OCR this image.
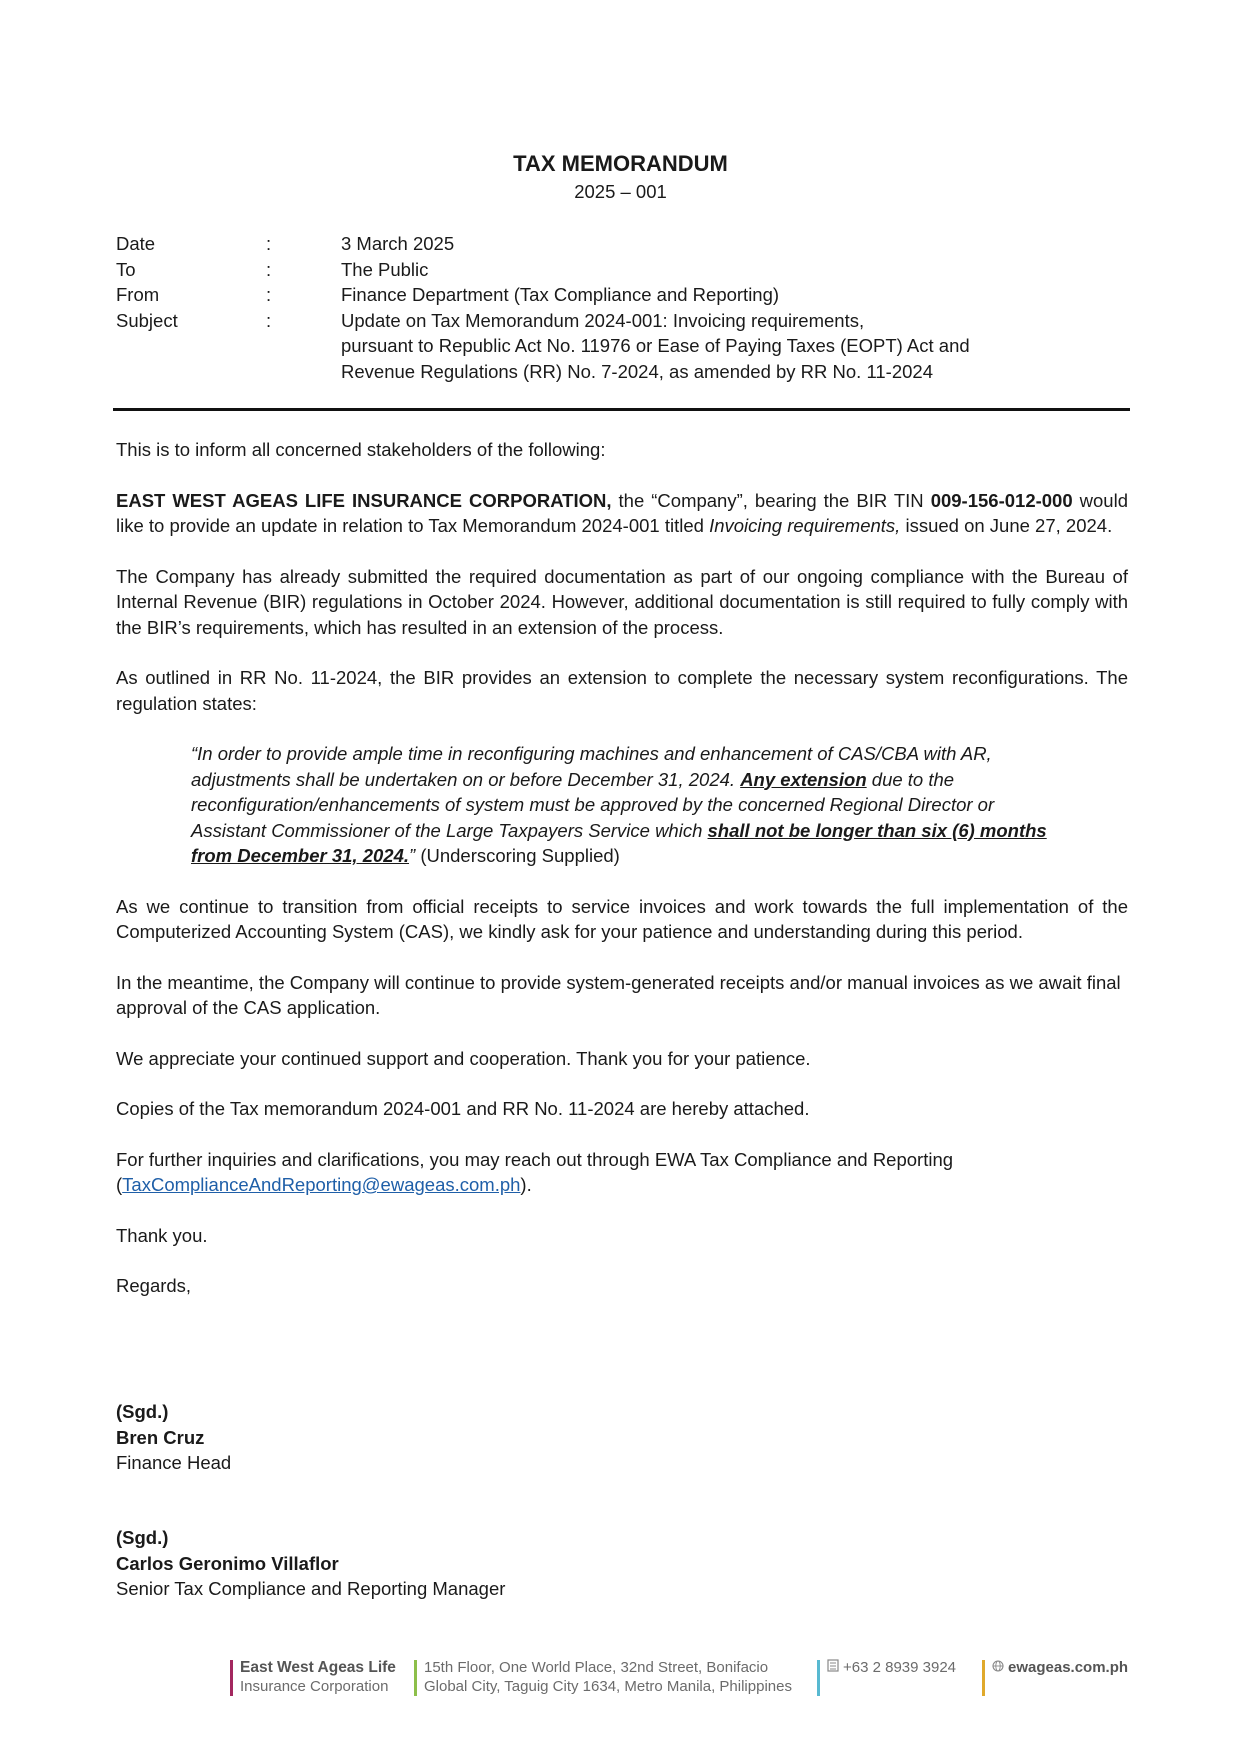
TAX MEMORANDUM
2025 – 001
Date	:	3 March 2025
To	:	The Public
From	:	Finance Department (Tax Compliance and Reporting)
Subject	:	Update on Tax Memorandum 2024-001: Invoicing requirements,
pursuant to Republic Act No. 11976 or Ease of Paying Taxes (EOPT) Act and
Revenue Regulations (RR) No. 7-2024, as amended by RR No. 11-2024

This is to inform all concerned stakeholders of the following:

EAST WEST AGEAS LIFE INSURANCE CORPORATION, the “Company”, bearing the BIR TIN 009-156-012-000 would like to provide an update in relation to Tax Memorandum 2024-001 titled Invoicing requirements, issued on June 27, 2024.

The Company has already submitted the required documentation as part of our ongoing compliance with the Bureau of Internal Revenue (BIR) regulations in October 2024. However, additional documentation is still required to fully comply with the BIR’s requirements, which has resulted in an extension of the process.

As outlined in RR No. 11-2024, the BIR provides an extension to complete the necessary system reconfigurations. The regulation states:

“In order to provide ample time in reconfiguring machines and enhancement of CAS/CBA with AR, adjustments shall be undertaken on or before December 31, 2024. Any extension due to the reconfiguration/enhancements of system must be approved by the concerned Regional Director or Assistant Commissioner of the Large Taxpayers Service which shall not be longer than six (6) months from December 31, 2024.” (Underscoring Supplied)

As we continue to transition from official receipts to service invoices and work towards the full implementation of the Computerized Accounting System (CAS), we kindly ask for your patience and understanding during this period.

In the meantime, the Company will continue to provide system-generated receipts and/or manual invoices as we await final approval of the CAS application.

We appreciate your continued support and cooperation. Thank you for your patience.

Copies of the Tax memorandum 2024-001 and RR No. 11-2024 are hereby attached.

For further inquiries and clarifications, you may reach out through EWA Tax Compliance and Reporting (TaxComplianceAndReporting@ewageas.com.ph).

Thank you.

Regards,

(Sgd.)
Bren Cruz
Finance Head
(Sgd.)
Carlos Geronimo Villaflor
Senior Tax Compliance and Reporting Manager
East West Ageas Life
Insurance Corporation
15th Floor, One World Place, 32nd Street, Bonifacio
Global City, Taguig City 1634, Metro Manila, Philippines
+63 2 8939 3924	ewageas.com.ph
